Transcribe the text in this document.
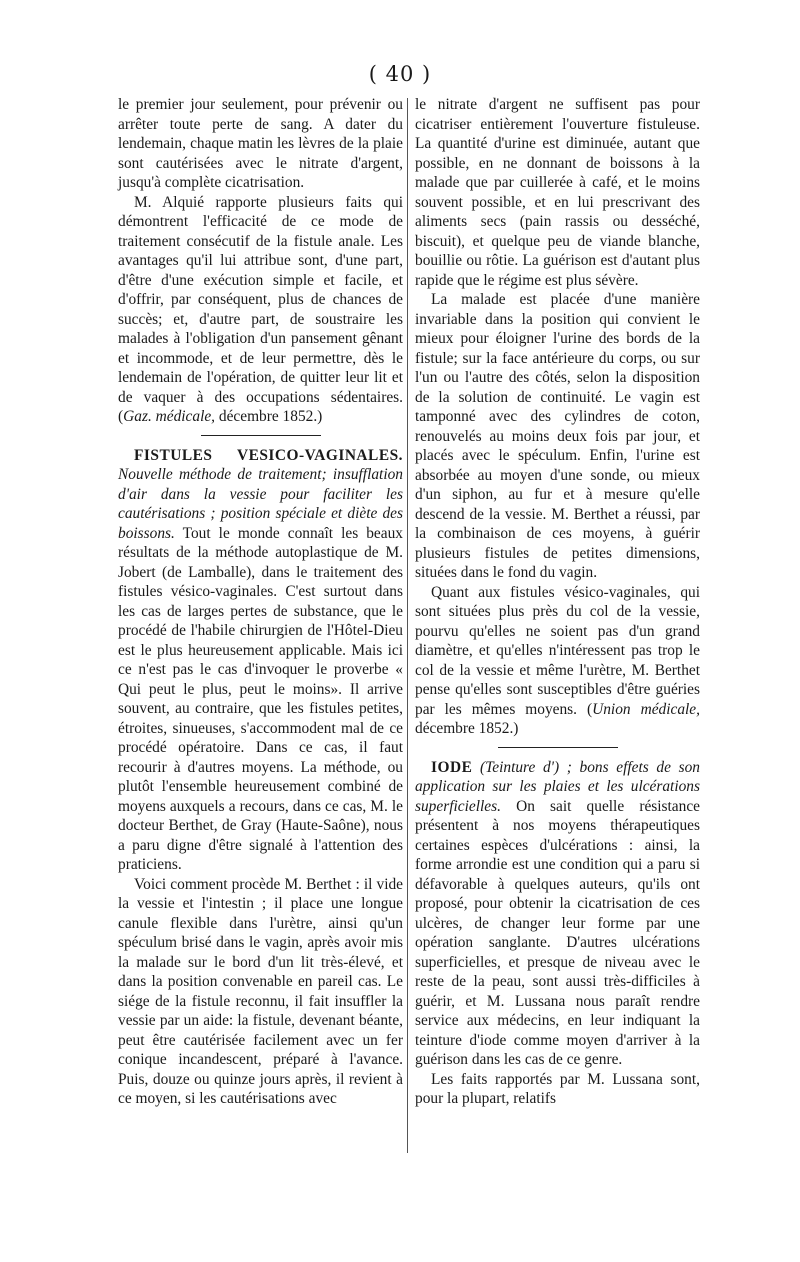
( 40 )

le premier jour seulement, pour prévenir ou arrêter toute perte de sang. A dater du lendemain, chaque matin les lèvres de la plaie sont cautérisées avec le nitrate d'argent, jusqu'à complète cicatrisation.

M. Alquié rapporte plusieurs faits qui démontrent l'efficacité de ce mode de traitement consécutif de la fistule anale. Les avantages qu'il lui attribue sont, d'une part, d'être d'une exécution simple et facile, et d'offrir, par conséquent, plus de chances de succès; et, d'autre part, de soustraire les malades à l'obligation d'un pansement gênant et incommode, et de leur permettre, dès le lendemain de l'opération, de quitter leur lit et de vaquer à des occupations sédentaires. (Gaz. médicale, décembre 1852.)

FISTULES VESICO-VAGINALES. Nouvelle méthode de traitement; insufflation d'air dans la vessie pour faciliter les cautérisations ; position spéciale et diète des boissons. Tout le monde connaît les beaux résultats de la méthode autoplastique de M. Jobert (de Lamballe), dans le traitement des fistules vésico-vaginales. C'est surtout dans les cas de larges pertes de substance, que le procédé de l'habile chirurgien de l'Hôtel-Dieu est le plus heureusement applicable. Mais ici ce n'est pas le cas d'invoquer le proverbe « Qui peut le plus, peut le moins». Il arrive souvent, au contraire, que les fistules petites, étroites, sinueuses, s'accommodent mal de ce procédé opératoire. Dans ce cas, il faut recourir à d'autres moyens. La méthode, ou plutôt l'ensemble heureusement combiné de moyens auxquels a recours, dans ce cas, M. le docteur Berthet, de Gray (Haute-Saône), nous a paru digne d'être signalé à l'attention des praticiens.

Voici comment procède M. Berthet : il vide la vessie et l'intestin ; il place une longue canule flexible dans l'urètre, ainsi qu'un spéculum brisé dans le vagin, après avoir mis la malade sur le bord d'un lit très-élevé, et dans la position convenable en pareil cas. Le siége de la fistule reconnu, il fait insuffler la vessie par un aide: la fistule, devenant béante, peut être cautérisée facilement avec un fer conique incandescent, préparé à l'avance. Puis, douze ou quinze jours après, il revient à ce moyen, si les cautérisations avec

le nitrate d'argent ne suffisent pas pour cicatriser entièrement l'ouverture fistuleuse. La quantité d'urine est diminuée, autant que possible, en ne donnant de boissons à la malade que par cuillerée à café, et le moins souvent possible, et en lui prescrivant des aliments secs (pain rassis ou desséché, biscuit), et quelque peu de viande blanche, bouillie ou rôtie. La guérison est d'autant plus rapide que le régime est plus sévère.

La malade est placée d'une manière invariable dans la position qui convient le mieux pour éloigner l'urine des bords de la fistule; sur la face antérieure du corps, ou sur l'un ou l'autre des côtés, selon la disposition de la solution de continuité. Le vagin est tamponné avec des cylindres de coton, renouvelés au moins deux fois par jour, et placés avec le spéculum. Enfin, l'urine est absorbée au moyen d'une sonde, ou mieux d'un siphon, au fur et à mesure qu'elle descend de la vessie. M. Berthet a réussi, par la combinaison de ces moyens, à guérir plusieurs fistules de petites dimensions, situées dans le fond du vagin.

Quant aux fistules vésico-vaginales, qui sont situées plus près du col de la vessie, pourvu qu'elles ne soient pas d'un grand diamètre, et qu'elles n'intéressent pas trop le col de la vessie et même l'urètre, M. Berthet pense qu'elles sont susceptibles d'être guéries par les mêmes moyens. (Union médicale, décembre 1852.)

IODE (Teinture d') ; bons effets de son application sur les plaies et les ulcérations superficielles. On sait quelle résistance présentent à nos moyens thérapeutiques certaines espèces d'ulcérations : ainsi, la forme arrondie est une condition qui a paru si défavorable à quelques auteurs, qu'ils ont proposé, pour obtenir la cicatrisation de ces ulcères, de changer leur forme par une opération sanglante. D'autres ulcérations superficielles, et presque de niveau avec le reste de la peau, sont aussi très-difficiles à guérir, et M. Lussana nous paraît rendre service aux médecins, en leur indiquant la teinture d'iode comme moyen d'arriver à la guérison dans les cas de ce genre.

Les faits rapportés par M. Lussana sont, pour la plupart, relatifs
